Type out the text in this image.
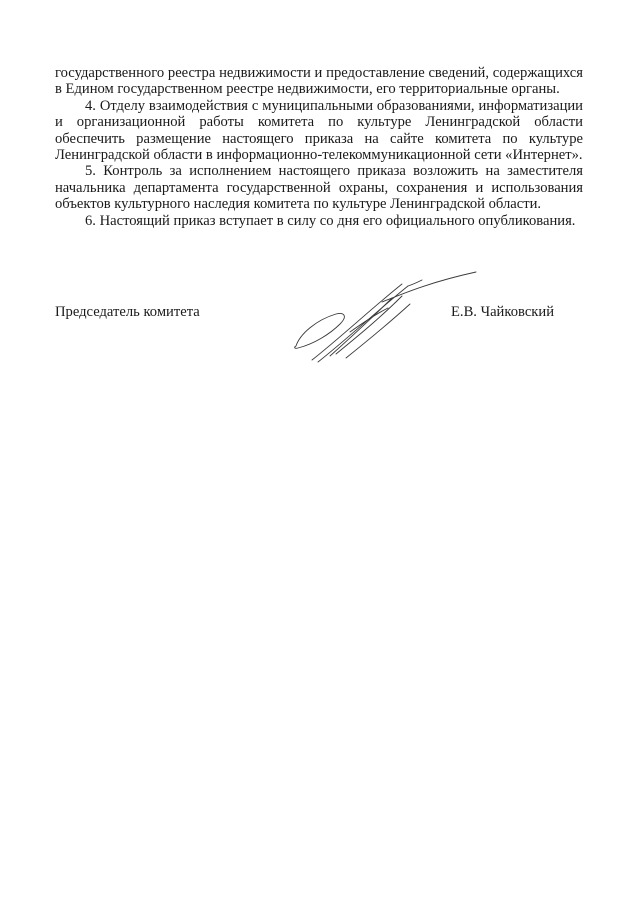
государственного реестра недвижимости и предоставление сведений, содержащихся в Едином государственном реестре недвижимости, его территориальные органы.

4. Отделу взаимодействия с муниципальными образованиями, информатизации и организационной работы комитета по культуре Ленинградской области обеспечить размещение настоящего приказа на сайте комитета по культуре Ленинградской области в информационно-телекоммуникационной сети «Интернет».

5. Контроль за исполнением настоящего приказа возложить на заместителя начальника департамента государственной охраны, сохранения и использования объектов культурного наследия комитета по культуре Ленинградской области.

6. Настоящий приказ вступает в силу со дня его официального опубликования.

Председатель комитета	Е.В. Чайковский
